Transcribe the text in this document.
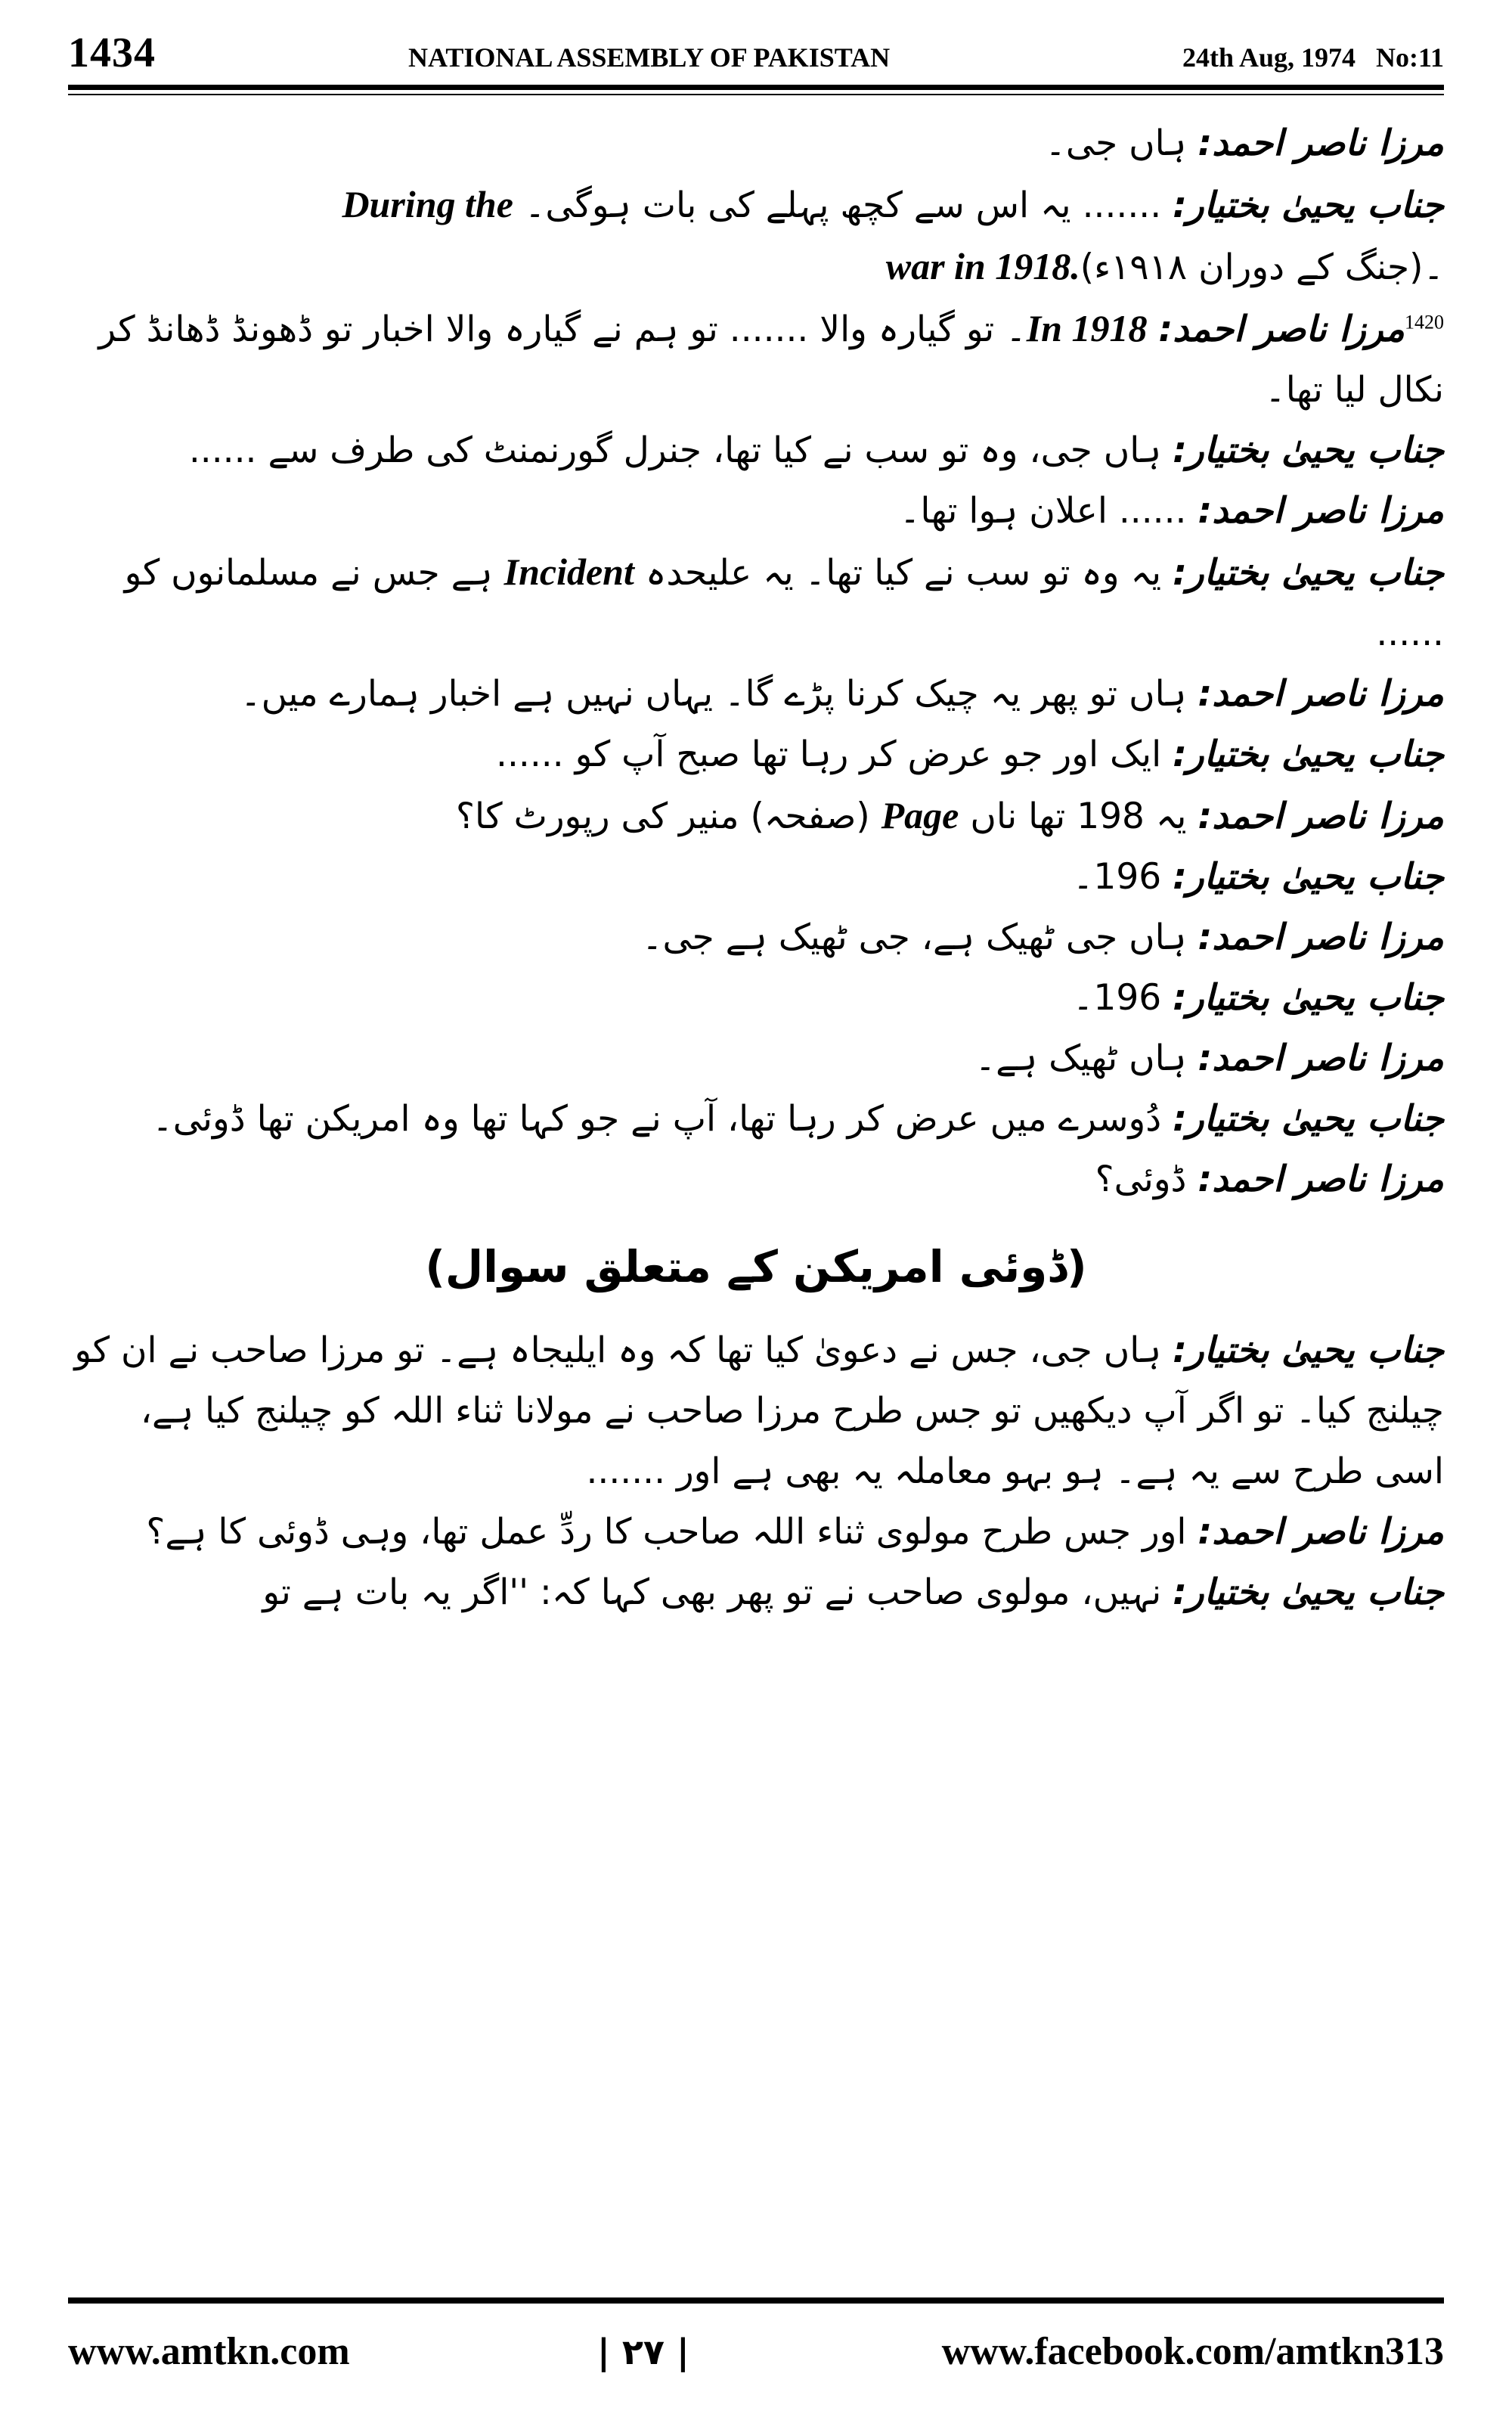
1434	NATIONAL ASSEMBLY OF PAKISTAN	24th Aug, 1974 No:11

مرزا ناصر احمد: ہاں جی۔

جناب یحییٰ بختیار: ....... یہ اس سے کچھ پہلے کی بات ہوگی۔ During the

war in 1918.(جنگ کے دوران ۱۹۱۸ء)۔

$^{1420}$مرزا ناصر احمد: In 1918۔ تو گیارہ والا ....... تو ہم نے گیارہ والا اخبار تو ڈھونڈ ڈھانڈ کر نکال لیا تھا۔

جناب یحییٰ بختیار: ہاں جی، وہ تو سب نے کیا تھا، جنرل گورنمنٹ کی طرف سے ......

مرزا ناصر احمد: ...... اعلان ہوا تھا۔

جناب یحییٰ بختیار: یہ وہ تو سب نے کیا تھا۔ یہ علیحدہ Incident ہے جس نے مسلمانوں کو ......

مرزا ناصر احمد: ہاں تو پھر یہ چیک کرنا پڑے گا۔ یہاں نہیں ہے اخبار ہمارے میں۔

جناب یحییٰ بختیار: ایک اور جو عرض کر رہا تھا صبح آپ کو ......

مرزا ناصر احمد: یہ 198 تھا ناں Page (صفحہ) منیر کی رپورٹ کا؟

جناب یحییٰ بختیار: 196۔

مرزا ناصر احمد: ہاں جی ٹھیک ہے، جی ٹھیک ہے جی۔

جناب یحییٰ بختیار: 196۔

مرزا ناصر احمد: ہاں ٹھیک ہے۔

جناب یحییٰ بختیار: دُوسرے میں عرض کر رہا تھا، آپ نے جو کہا تھا وہ امریکن تھا ڈوئی۔

مرزا ناصر احمد: ڈوئی؟

(ڈوئی امریکن کے متعلق سوال)

جناب یحییٰ بختیار: ہاں جی، جس نے دعویٰ کیا تھا کہ وہ ایلیجاہ ہے۔ تو مرزا صاحب نے ان کو چیلنج کیا۔ تو اگر آپ دیکھیں تو جس طرح مرزا صاحب نے مولانا ثناء اللہ کو چیلنج کیا ہے، اسی طرح سے یہ ہے۔ ہو بہو معاملہ یہ بھی ہے اور .......

مرزا ناصر احمد: اور جس طرح مولوی ثناء اللہ صاحب کا ردِّ عمل تھا، وہی ڈوئی کا ہے؟

جناب یحییٰ بختیار: نہیں، مولوی صاحب نے تو پھر بھی کہا کہ: ''اگر یہ بات ہے تو

www.amtkn.com	| ۲۷ |	www.facebook.com/amtkn313
